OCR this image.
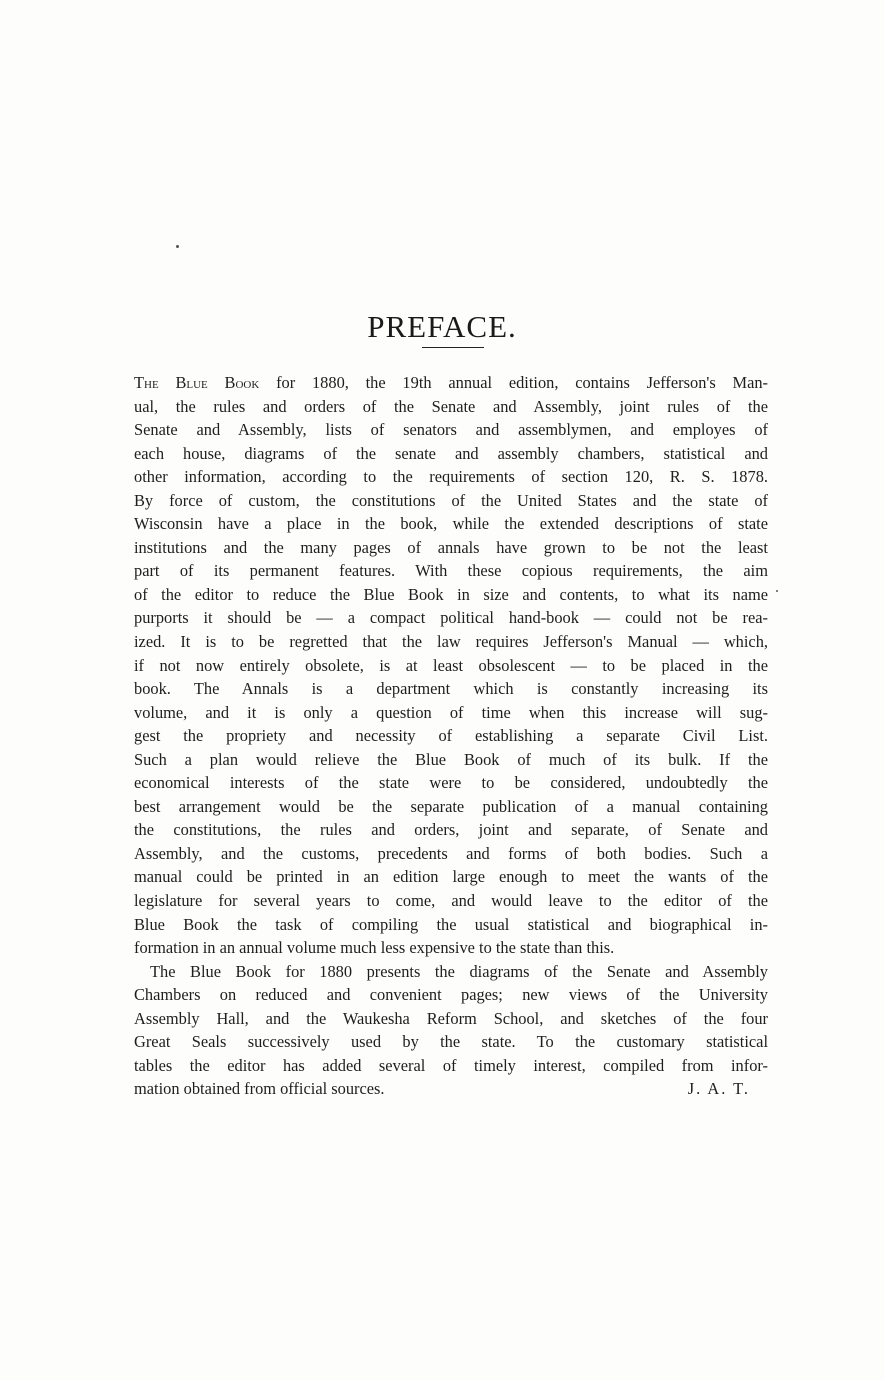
PREFACE.
The Blue Book for 1880, the 19th annual edition, contains Jefferson's Man-
ual, the rules and orders of the Senate and Assembly, joint rules of the
Senate and Assembly, lists of senators and assemblymen, and employes of
each house, diagrams of the senate and assembly chambers, statistical and
other information, according to the requirements of section 120, R. S. 1878.
By force of custom, the constitutions of the United States and the state of
Wisconsin have a place in the book, while the extended descriptions of state
institutions and the many pages of annals have grown to be not the least
part of its permanent features. With these copious requirements, the aim
of the editor to reduce the Blue Book in size and contents, to what its name
purports it should be — a compact political hand-book — could not be rea-
ized. It is to be regretted that the law requires Jefferson's Manual — which,
if not now entirely obsolete, is at least obsolescent — to be placed in the
book. The Annals is a department which is constantly increasing its
volume, and it is only a question of time when this increase will sug-
gest the propriety and necessity of establishing a separate Civil List.
Such a plan would relieve the Blue Book of much of its bulk. If the
economical interests of the state were to be considered, undoubtedly the
best arrangement would be the separate publication of a manual containing
the constitutions, the rules and orders, joint and separate, of Senate and
Assembly, and the customs, precedents and forms of both bodies. Such a
manual could be printed in an edition large enough to meet the wants of the
legislature for several years to come, and would leave to the editor of the
Blue Book the task of compiling the usual statistical and biographical in-
formation in an annual volume much less expensive to the state than this.
The Blue Book for 1880 presents the diagrams of the Senate and Assembly
Chambers on reduced and convenient pages; new views of the University
Assembly Hall, and the Waukesha Reform School, and sketches of the four
Great Seals successively used by the state. To the customary statistical
tables the editor has added several of timely interest, compiled from infor-
mation obtained from official sources.	J. A. T.
